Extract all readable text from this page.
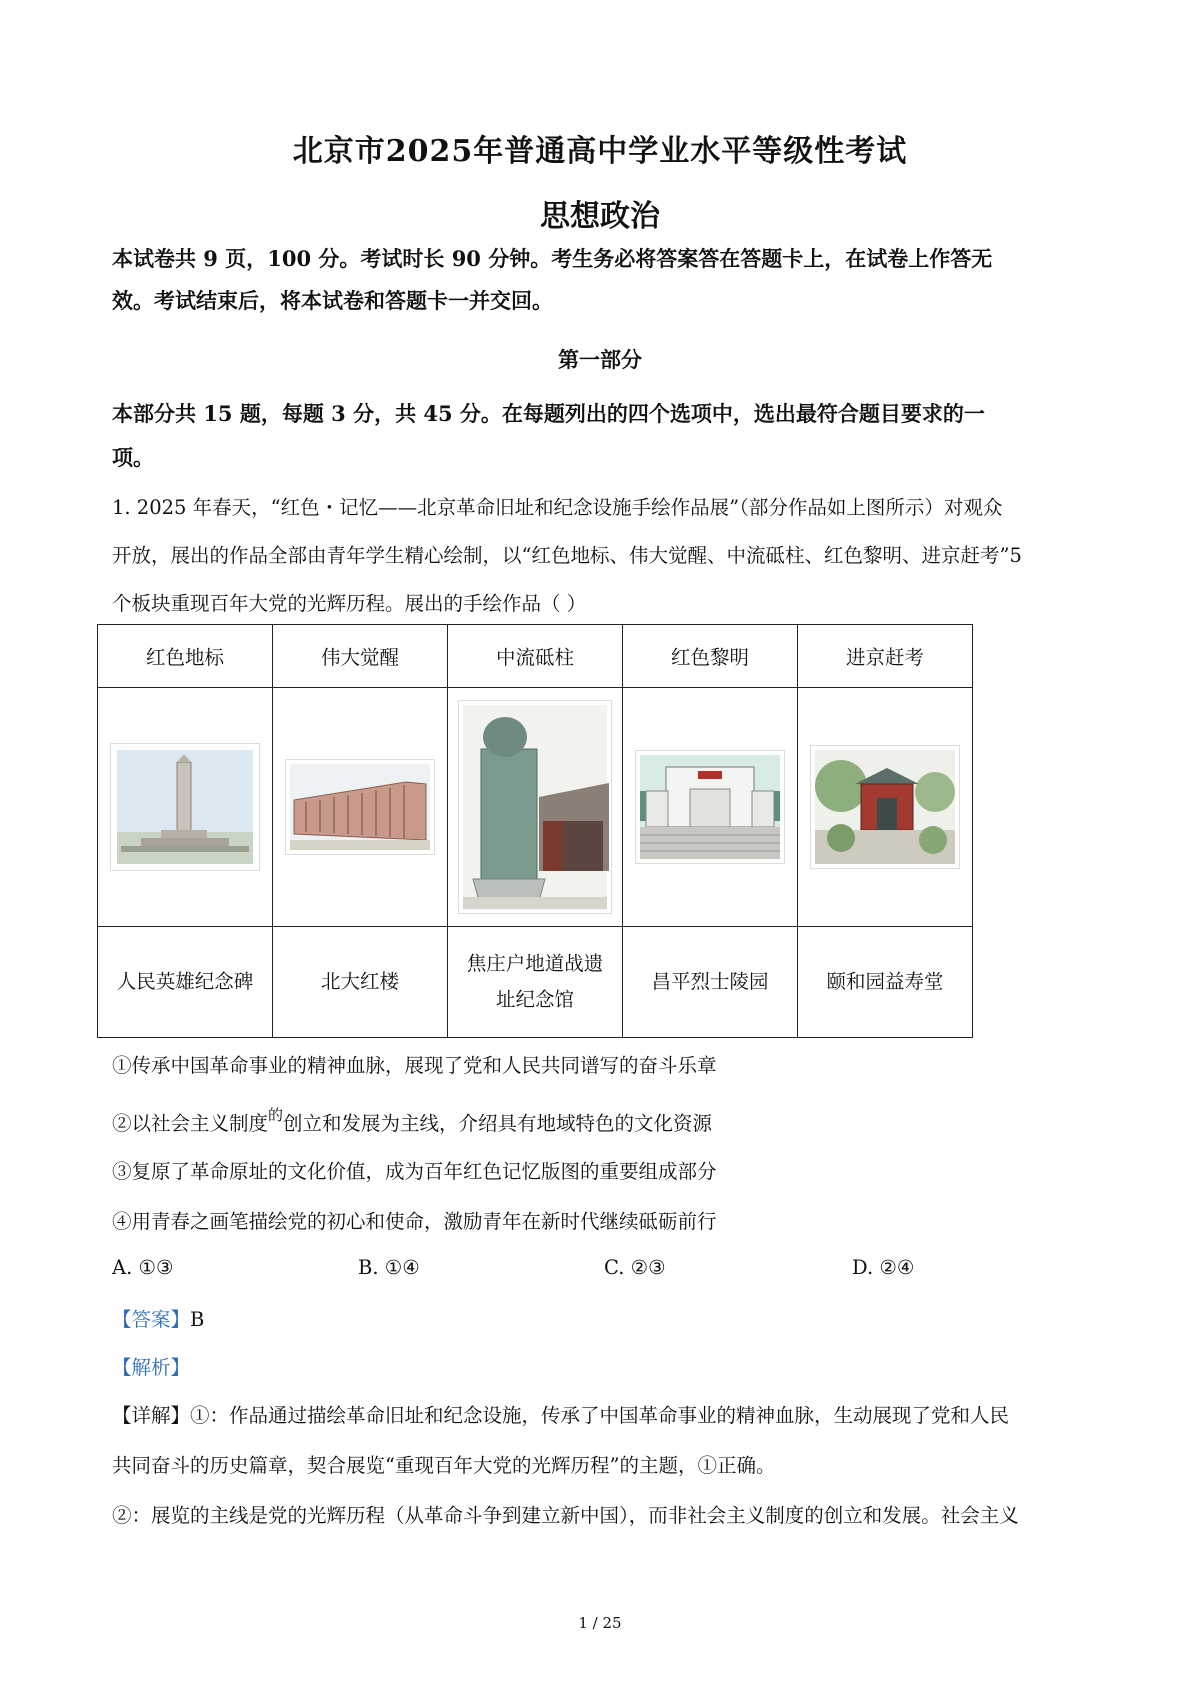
北京市2025年普通高中学业水平等级性考试
思想政治
本试卷共 9 页，100 分。考试时长 90 分钟。考生务必将答案答在答题卡上，在试卷上作答无
效。考试结束后，将本试卷和答题卡一并交回。
第一部分
本部分共 15 题，每题 3 分，共 45 分。在每题列出的四个选项中，选出最符合题目要求的一
项。
1. 2025 年春天，“红色・记忆——北京革命旧址和纪念设施手绘作品展”（部分作品如上图所示）对观众
开放，展出的作品全部由青年学生精心绘制，以“红色地标、伟大觉醒、中流砥柱、红色黎明、进京赶考”5
个板块重现百年大党的光辉历程。展出的手绘作品（ ）
红色地标	伟大觉醒	中流砥柱	红色黎明	进京赶考

人民英雄纪念碑	北大红楼	焦庄户地道战遗
址纪念馆	昌平烈士陵园	颐和园益寿堂
①传承中国革命事业的精神血脉，展现了党和人民共同谱写的奋斗乐章
②以社会主义制度$^的$创立和发展为主线，介绍具有地域特色的文化资源
③复原了革命原址的文化价值，成为百年红色记忆版图的重要组成部分
④用青春之画笔描绘党的初心和使命，激励青年在新时代继续砥砺前行
A. ①③	B. ①④	C. ②③	D. ②④
【答案】B
【解析】
【详解】①：作品通过描绘革命旧址和纪念设施，传承了中国革命事业的精神血脉，生动展现了党和人民
共同奋斗的历史篇章，契合展览“重现百年大党的光辉历程”的主题，①正确。
②：展览的主线是党的光辉历程（从革命斗争到建立新中国），而非社会主义制度的创立和发展。社会主义
1 / 25
